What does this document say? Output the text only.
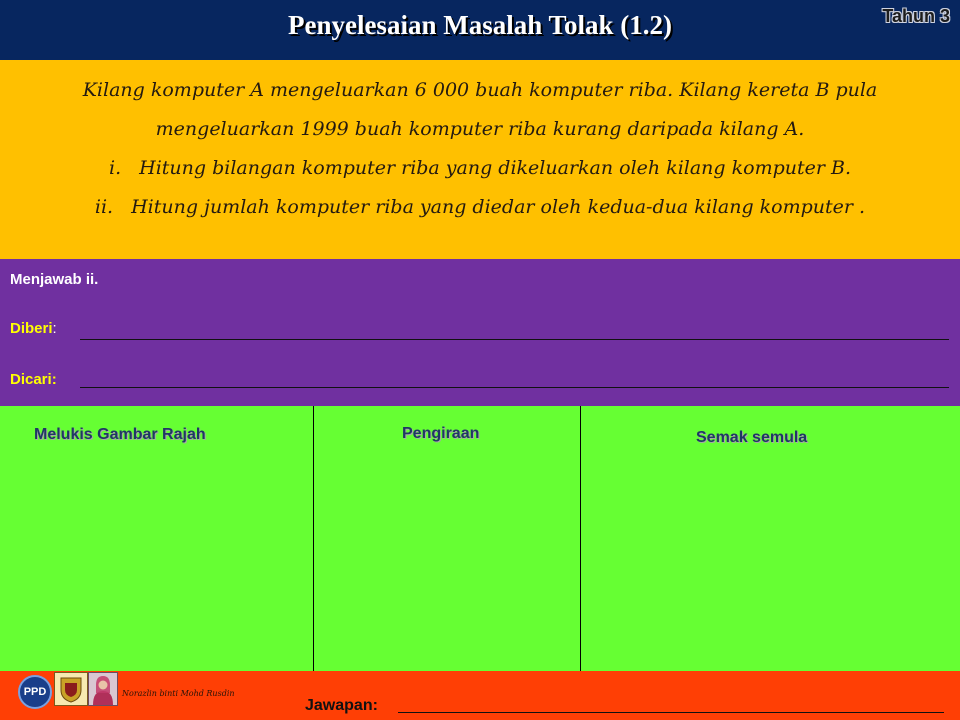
Penyelesaian Masalah Tolak (1.2)	Tahun 3
Kilang komputer A mengeluarkan 6 000 buah komputer riba. Kilang kereta B pula
mengeluarkan 1999 buah komputer riba kurang daripada kilang A.
i. Hitung bilangan komputer riba yang dikeluarkan oleh kilang komputer B.
ii. Hitung jumlah komputer riba yang diedar oleh kedua-dua kilang komputer .
Menjawab ii.
Diberi:
Dicari:
Melukis Gambar Rajah	Pengiraan	Semak semula
PPD	Norazlin binti Mohd Rusdin
Jawapan:
